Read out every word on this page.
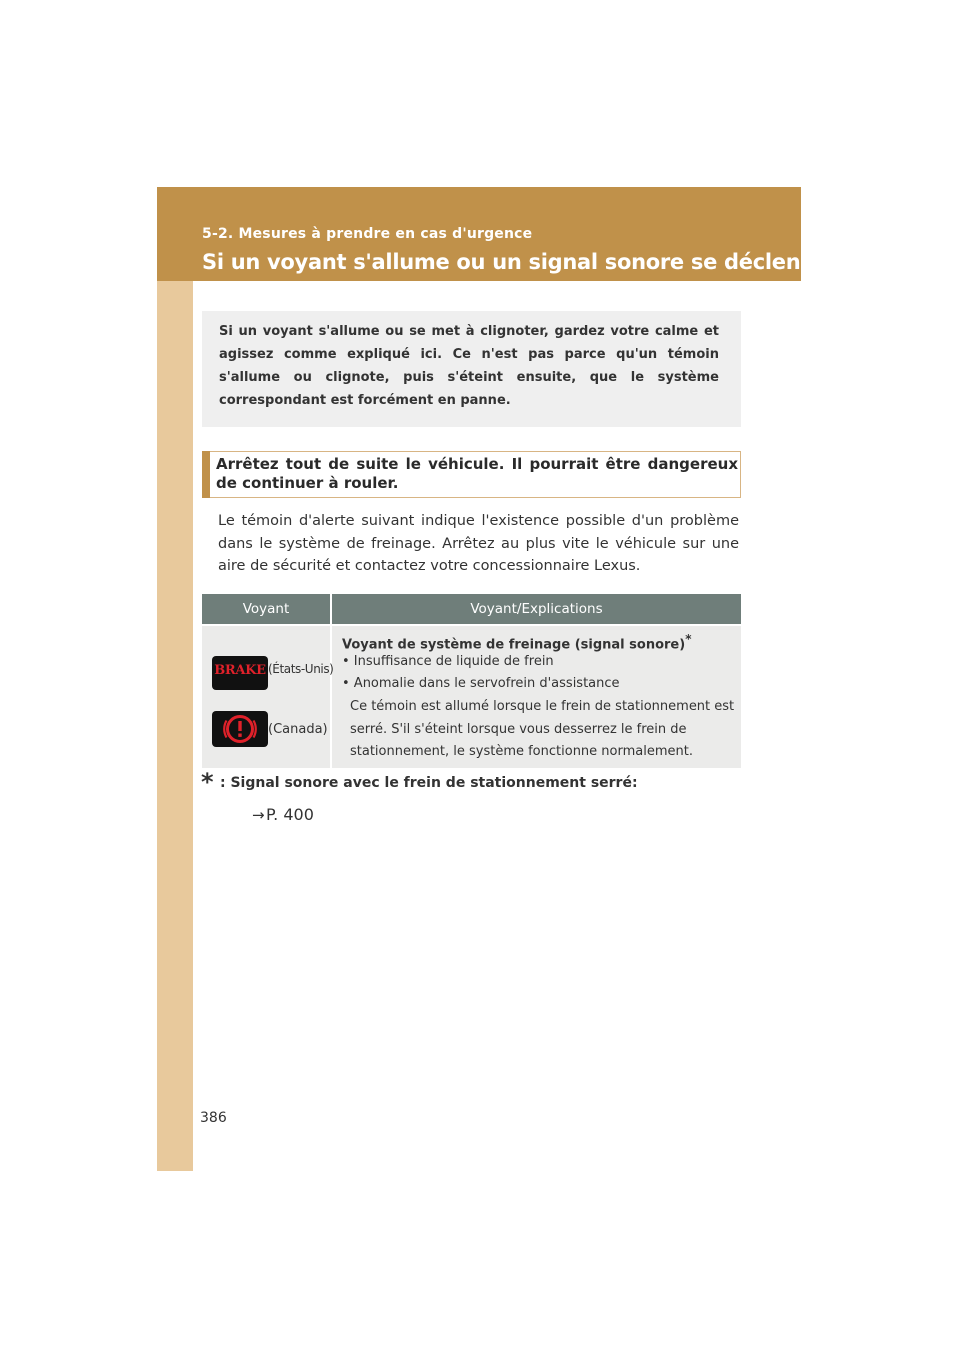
5-2. Mesures à prendre en cas d'urgence
Si un voyant s'allume ou un signal sonore se déclenche...
Si un voyant s'allume ou se met à clignoter, gardez votre calme et agissez comme expliqué ici. Ce n'est pas parce qu'un témoin s'allume ou clignote, puis s'éteint ensuite, que le système correspondant est forcément en panne.
Arrêtez tout de suite le véhicule. Il pourrait être dangereux de continuer à rouler.
Le témoin d'alerte suivant indique l'existence possible d'un problème dans le système de freinage. Arrêtez au plus vite le véhicule sur une aire de sécurité et contactez votre concessionnaire Lexus.
Voyant	Voyant/Explications
BRAKE (États-Unis)
(Canada)
Voyant de système de freinage (signal sonore)*
• Insuffisance de liquide de frein
• Anomalie dans le servofrein d'assistance
Ce témoin est allumé lorsque le frein de stationnement est serré. S'il s'éteint lorsque vous desserrez le frein de stationnement, le système fonctionne normalement.
* : Signal sonore avec le frein de stationnement serré:
→ P. 400
386
